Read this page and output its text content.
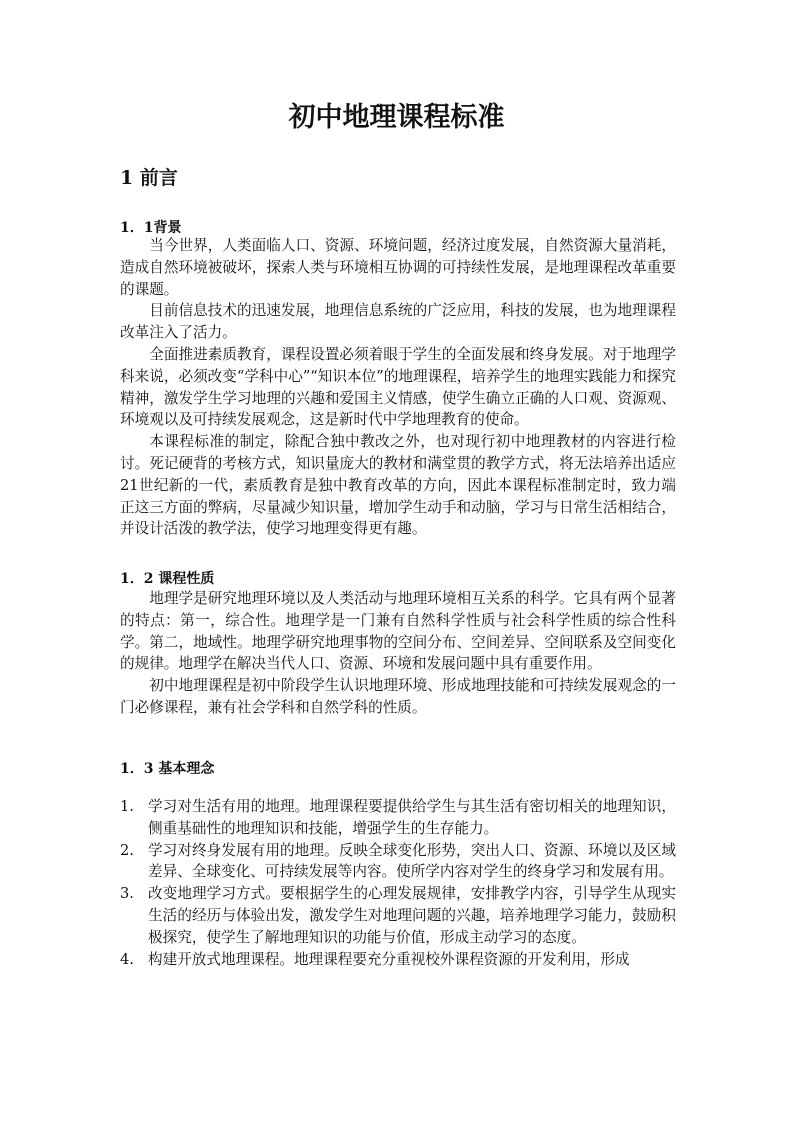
初中地理课程标准
1 前言
1．1背景

当今世界，人类面临人口、资源、环境问题，经济过度发展，自然资源大量消耗，造成自然环境被破坏，探索人类与环境相互协调的可持续性发展，是地理课程改革重要的课题。

目前信息技术的迅速发展，地理信息系统的广泛应用，科技的发展，也为地理课程改革注入了活力。

全面推进素质教育，课程设置必须着眼于学生的全面发展和终身发展。对于地理学科来说，必须改变“学科中心”“知识本位”的地理课程，培养学生的地理实践能力和探究精神，激发学生学习地理的兴趣和爱国主义情感，使学生确立正确的人口观、资源观、环境观以及可持续发展观念，这是新时代中学地理教育的使命。

本课程标准的制定，除配合独中教改之外，也对现行初中地理教材的内容进行检讨。死记硬背的考核方式，知识量庞大的教材和满堂贯的教学方式，将无法培养出适应21世纪新的一代，素质教育是独中教育改革的方向，因此本课程标准制定时，致力端正这三方面的弊病，尽量减少知识量，增加学生动手和动脑，学习与日常生活相结合，并设计活泼的教学法，使学习地理变得更有趣。

1．2 课程性质

地理学是研究地理环境以及人类活动与地理环境相互关系的科学。它具有两个显著的特点：第一，综合性。地理学是一门兼有自然科学性质与社会科学性质的综合性科学。第二，地域性。地理学研究地理事物的空间分布、空间差异、空间联系及空间变化的规律。地理学在解决当代人口、资源、环境和发展问题中具有重要作用。

初中地理课程是初中阶段学生认识地理环境、形成地理技能和可持续发展观念的一门必修课程，兼有社会学科和自然学科的性质。

1．3 基本理念
1. 学习对生活有用的地理。地理课程要提供给学生与其生活有密切相关的地理知识，侧重基础性的地理知识和技能，增强学生的生存能力。
2. 学习对终身发展有用的地理。反映全球变化形势，突出人口、资源、环境以及区域差异、全球变化、可持续发展等内容。使所学内容对学生的终身学习和发展有用。
3. 改变地理学习方式。要根据学生的心理发展规律，安排教学内容，引导学生从现实生活的经历与体验出发，激发学生对地理问题的兴趣，培养地理学习能力，鼓励积极探究，使学生了解地理知识的功能与价值，形成主动学习的态度。
4. 构建开放式地理课程。地理课程要充分重视校外课程资源的开发利用，形成
